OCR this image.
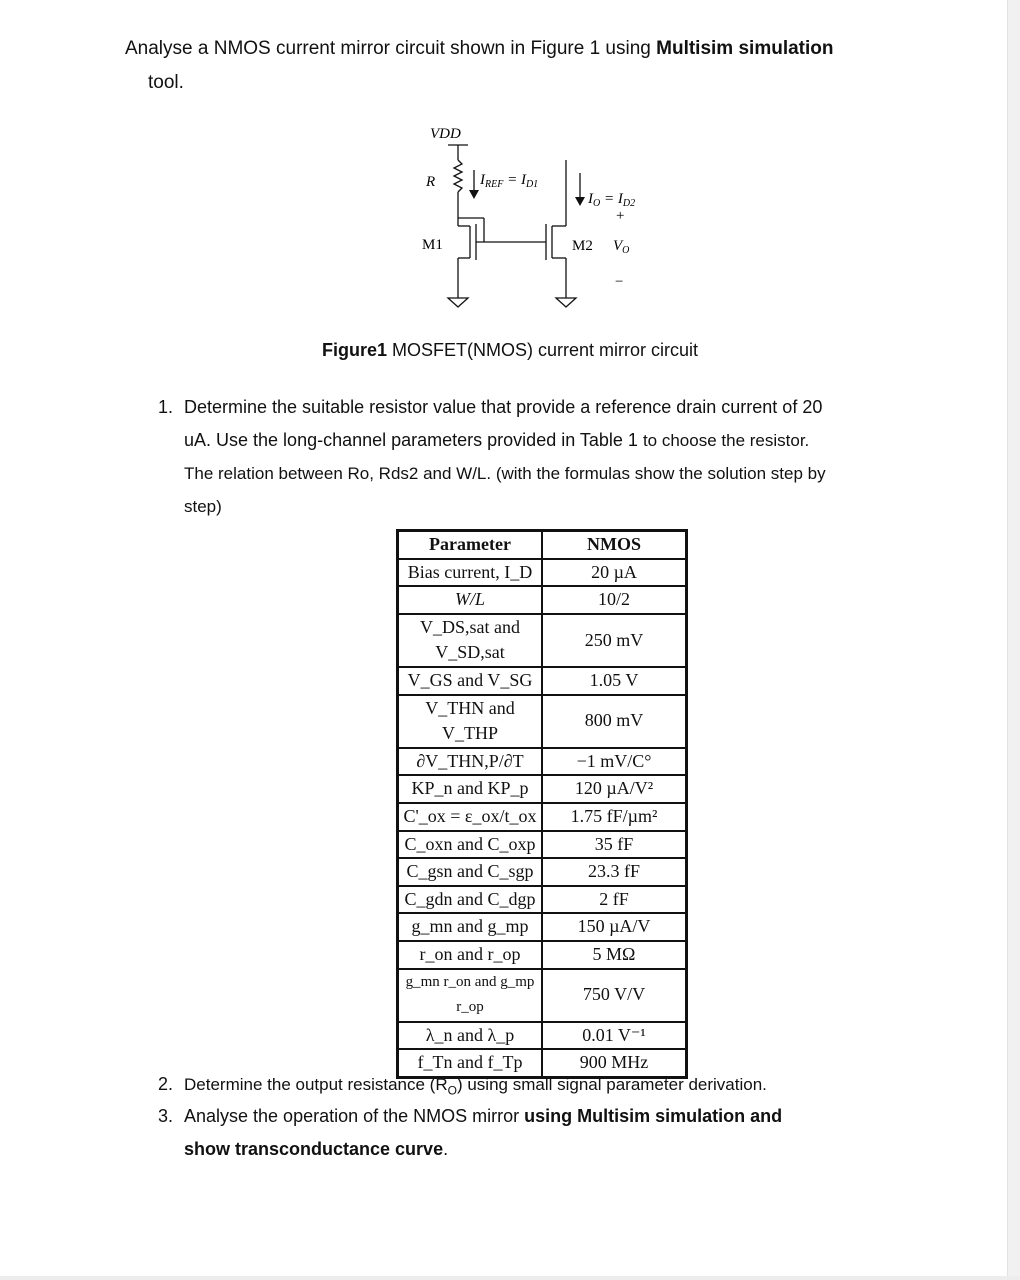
Analyse a NMOS current mirror circuit shown in Figure 1 using Multisim simulation
tool.
VDD
R	$I_{REF} = I_{D1}$
$I_O = I_{D2}$
+
M1	M2 $V_O$
−
Figure1 MOSFET(NMOS) current mirror circuit
1. Determine the suitable resistor value that provide a reference drain current of 20
uA. Use the long-channel parameters provided in Table 1 to choose the resistor.
The relation between Ro, Rds2 and W/L. (with the formulas show the solution step by
step)
Parameter	NMOS
Bias current, I_D	20 µA
W/L	10/2
V_DS,sat and V_SD,sat	250 mV
V_GS and V_SG	1.05 V
V_THN and V_THP	800 mV
∂V_THN,P/∂T	−1 mV/C°
KP_n and KP_p	120 µA/V²
C'_ox = ε_ox/t_ox	1.75 fF/µm²
C_oxn and C_oxp	35 fF
C_gsn and C_sgp	23.3 fF
C_gdn and C_dgp	2 fF
g_mn and g_mp	150 µA/V
r_on and r_op	5 MΩ
g_mn r_on and g_mp r_op	750 V/V
λ_n and λ_p	0.01 V⁻¹
f_Tn and f_Tp	900 MHz
2. Determine the output resistance $(R_O)$ using small signal parameter derivation.
3. Analyse the operation of the NMOS mirror using Multisim simulation and
show transconductance curve.
